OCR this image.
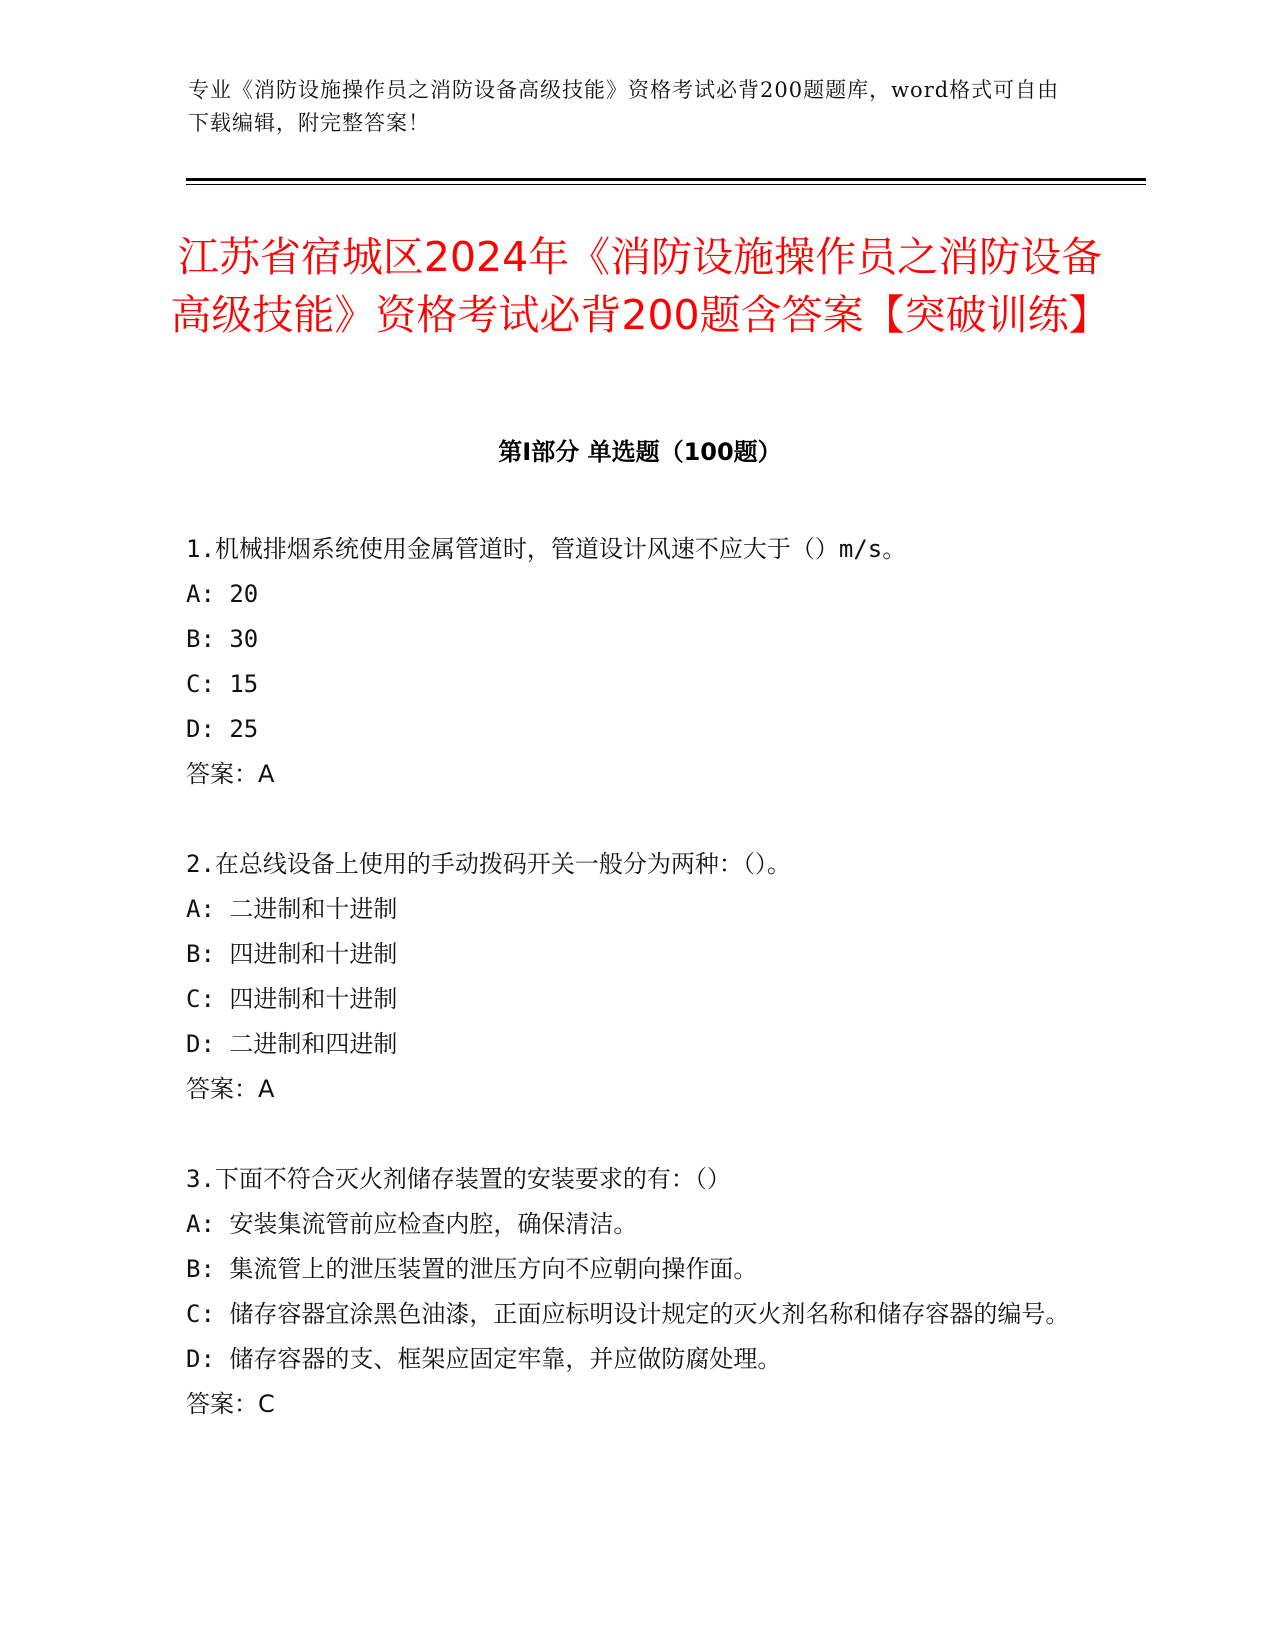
专业《消防设施操作员之消防设备高级技能》资格考试必背200题题库，word格式可自由下载编辑，附完整答案！
江苏省宿城区2024年《消防设施操作员之消防设备高级技能》资格考试必背200题含答案【突破训练】
第I部分 单选题（100题）

1.机械排烟系统使用金属管道时，管道设计风速不应大于（）m/s。

A: 20

B: 30

C: 15

D: 25

答案：A

2.在总线设备上使用的手动拨码开关一般分为两种：（）。

A: 二进制和十进制

B: 四进制和十进制

C: 四进制和十进制

D: 二进制和四进制

答案：A

3.下面不符合灭火剂储存装置的安装要求的有：（）

A: 安装集流管前应检查内腔，确保清洁。

B: 集流管上的泄压装置的泄压方向不应朝向操作面。

C: 储存容器宜涂黑色油漆，正面应标明设计规定的灭火剂名称和储存容器的编号。

D: 储存容器的支、框架应固定牢靠，并应做防腐处理。

答案：C
